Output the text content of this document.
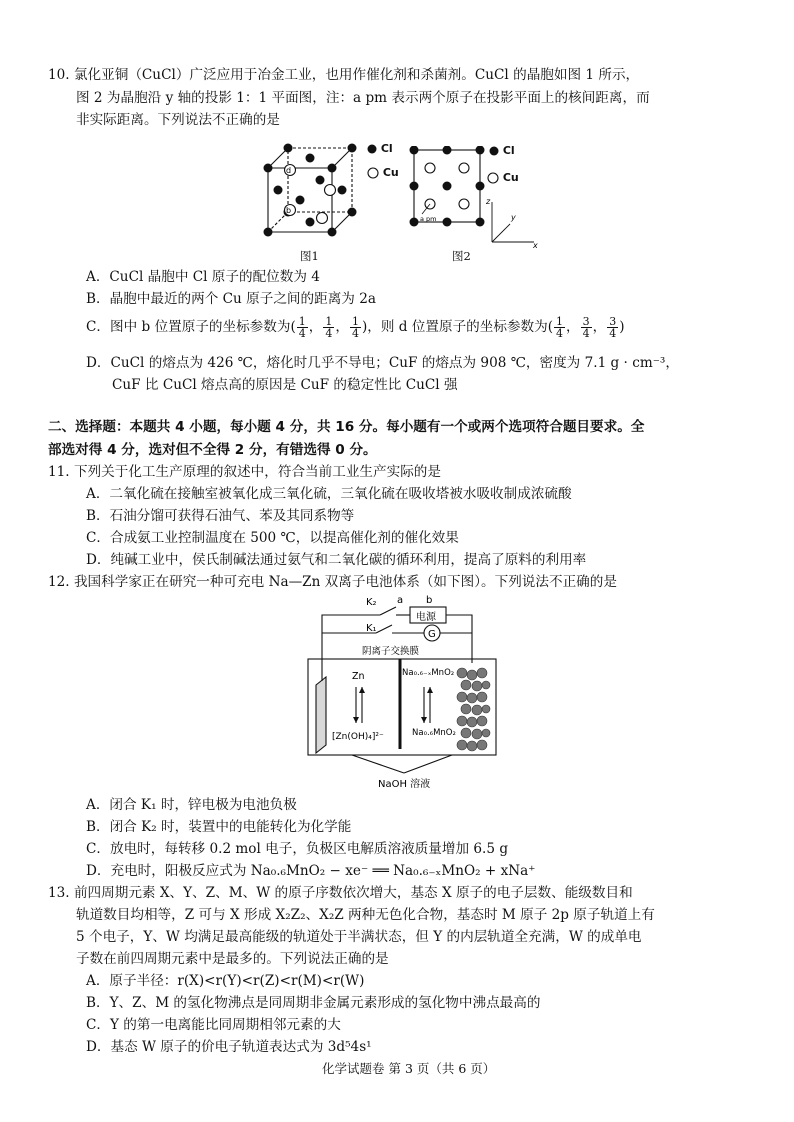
10. 氯化亚铜（CuCl）广泛应用于冶金工业，也用作催化剂和杀菌剂。CuCl 的晶胞如图 1 所示，
图 2 为晶胞沿 y 轴的投影 1：1 平面图，注：a pm 表示两个原子在投影平面上的核间距离，而
非实际距离。下列说法不正确的是
d
b
Cl
Cu
图1
a pm
Cl
Cu
z
y
x
图2
A．CuCl 晶胞中 Cl 原子的配位数为 4
B．晶胞中最近的两个 Cu 原子之间的距离为 2a
C．图中 b 位置原子的坐标参数为( $\frac{1}{4}$ ， $\frac{1}{4}$ ， $\frac{1}{4}$ )，则 d 位置原子的坐标参数为( $\frac{1}{4}$ ， $\frac{3}{4}$ ， $\frac{3}{4}$ )
D．CuCl 的熔点为 426 ℃，熔化时几乎不导电；CuF 的熔点为 908 ℃，密度为 7.1 g · cm⁻³，
CuF 比 CuCl 熔点高的原因是 CuF 的稳定性比 CuCl 强
二、选择题：本题共 4 小题，每小题 4 分，共 16 分。每小题有一个或两个选项符合题目要求。全
部选对得 4 分，选对但不全得 2 分，有错选得 0 分。
11. 下列关于化工生产原理的叙述中，符合当前工业生产实际的是
A．二氧化硫在接触室被氧化成三氧化硫，三氧化硫在吸收塔被水吸收制成浓硫酸
B．石油分馏可获得石油气、苯及其同系物等
C．合成氨工业控制温度在 500 ℃，以提高催化剂的催化效果
D．纯碱工业中，侯氏制碱法通过氨气和二氧化碳的循环利用，提高了原料的利用率
12. 我国科学家正在研究一种可充电 Na—Zn 双离子电池体系（如下图）。下列说法不正确的是
K₂ a b
电源
K₁
G
阴离子交换膜
Zn
[Zn(OH)₄]²⁻
Na₀.₆₋ₓMnO₂
Na₀.₆MnO₂
NaOH 溶液
A．闭合 K₁ 时，锌电极为电池负极
B．闭合 K₂ 时，装置中的电能转化为化学能
C．放电时，每转移 0.2 mol 电子，负极区电解质溶液质量增加 6.5 g
D．充电时，阳极反应式为 Na₀.₆MnO₂ − xe⁻ ══ Na₀.₆₋ₓMnO₂ + xNa⁺
13. 前四周期元素 X、Y、Z、M、W 的原子序数依次增大，基态 X 原子的电子层数、能级数目和
轨道数目均相等，Z 可与 X 形成 X₂Z₂、X₂Z 两种无色化合物，基态时 M 原子 2p 原子轨道上有
5 个电子，Y、W 均满足最高能级的轨道处于半满状态，但 Y 的内层轨道全充满，W 的成单电
子数在前四周期元素中是最多的。下列说法正确的是
A．原子半径：r(X)<r(Y)<r(Z)<r(M)<r(W)
B．Y、Z、M 的氢化物沸点是同周期非金属元素形成的氢化物中沸点最高的
C．Y 的第一电离能比同周期相邻元素的大
D．基态 W 原子的价电子轨道表达式为 3d⁵4s¹
化学试题卷 第 3 页（共 6 页）
